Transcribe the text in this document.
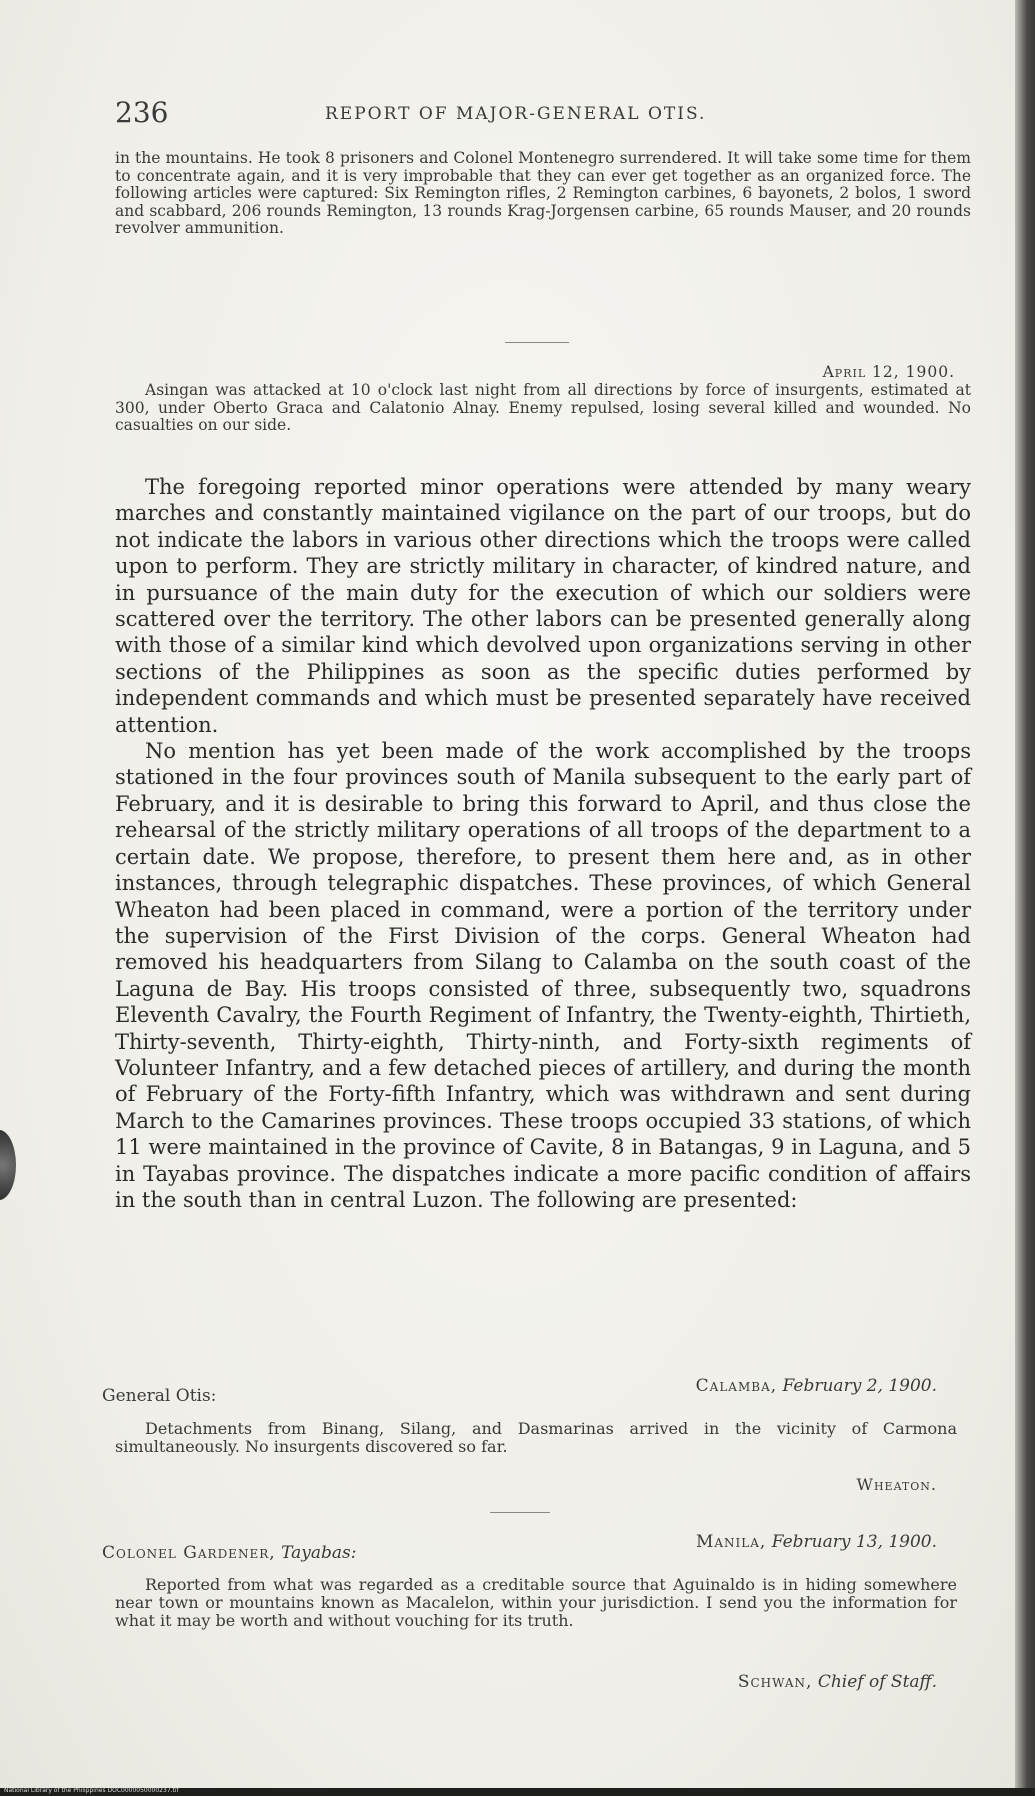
236	REPORT OF MAJOR-GENERAL OTIS.

in the mountains. He took 8 prisoners and Colonel Montenegro surrendered. It will take some time for them to concentrate again, and it is very improbable that they can ever get together as an organized force. The following articles were captured: Six Remington rifles, 2 Remington carbines, 6 bayonets, 2 bolos, 1 sword and scabbard, 206 rounds Remington, 13 rounds Krag-Jorgensen carbine, 65 rounds Mauser, and 20 rounds revolver ammunition.

April 12, 1900.

Asingan was attacked at 10 o'clock last night from all directions by force of insurgents, estimated at 300, under Oberto Graca and Calatonio Alnay. Enemy repulsed, losing several killed and wounded. No casualties on our side.

The foregoing reported minor operations were attended by many weary marches and constantly maintained vigilance on the part of our troops, but do not indicate the labors in various other directions which the troops were called upon to perform. They are strictly military in character, of kindred nature, and in pursuance of the main duty for the execution of which our soldiers were scattered over the territory. The other labors can be presented generally along with those of a similar kind which devolved upon organizations serving in other sections of the Philippines as soon as the specific duties performed by independent commands and which must be presented separately have received attention.

No mention has yet been made of the work accomplished by the troops stationed in the four provinces south of Manila subsequent to the early part of February, and it is desirable to bring this forward to April, and thus close the rehearsal of the strictly military operations of all troops of the department to a certain date. We propose, therefore, to present them here and, as in other instances, through telegraphic dispatches. These provinces, of which General Wheaton had been placed in command, were a portion of the territory under the supervision of the First Division of the corps. General Wheaton had removed his headquarters from Silang to Calamba on the south coast of the Laguna de Bay. His troops consisted of three, subsequently two, squadrons Eleventh Cavalry, the Fourth Regiment of Infantry, the Twenty-eighth, Thirtieth, Thirty-seventh, Thirty-eighth, Thirty-ninth, and Forty-sixth regiments of Volunteer Infantry, and a few detached pieces of artillery, and during the month of February of the Forty-fifth Infantry, which was withdrawn and sent during March to the Camarines provinces. These troops occupied 33 stations, of which 11 were maintained in the province of Cavite, 8 in Batangas, 9 in Laguna, and 5 in Tayabas province. The dispatches indicate a more pacific condition of affairs in the south than in central Luzon. The following are presented:

Calamba, February 2, 1900.
General Otis:

Detachments from Binang, Silang, and Dasmarinas arrived in the vicinity of Carmona simultaneously. No insurgents discovered so far.

Wheaton.
Manila, February 13, 1900.
Colonel Gardener, Tayabas:

Reported from what was regarded as a creditable source that Aguinaldo is in hiding somewhere near town or mountains known as Macalelon, within your jurisdiction. I send you the information for what it may be worth and without vouching for its truth.

Schwan, Chief of Staff.
National Library of the Philippines DOC0000050000237.tif
